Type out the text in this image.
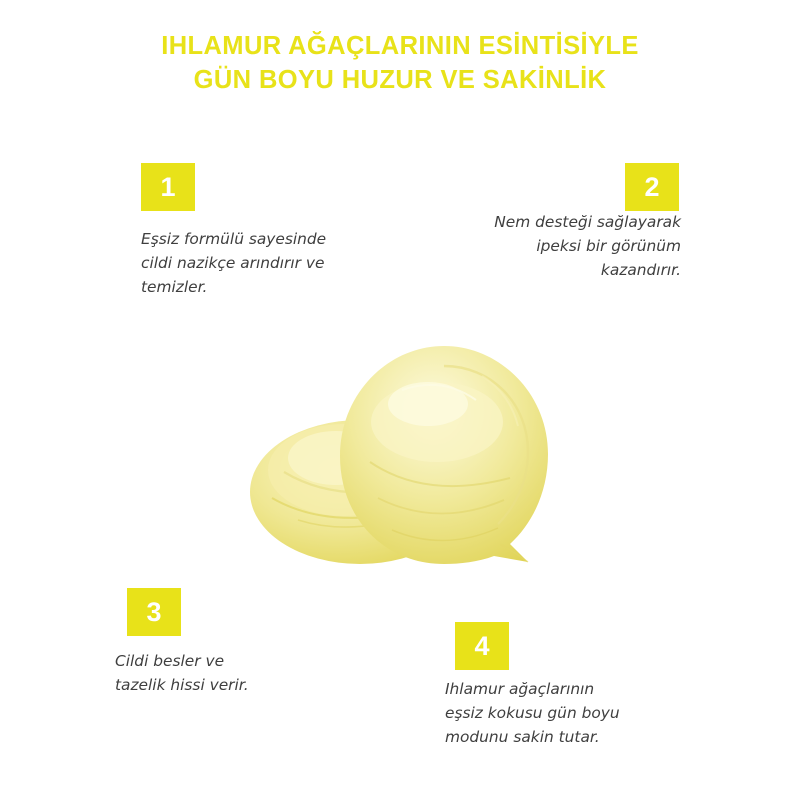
IHLAMUR AĞAÇLARININ ESİNTİSİYLE
GÜN BOYU HUZUR VE SAKİNLİK
1
Eşsiz formülü sayesinde
cildi nazikçe arındırır ve
temizler.
2
Nem desteği sağlayarak
ipeksi bir görünüm
kazandırır.
3
Cildi besler ve
tazelik hissi verir.
4
Ihlamur ağaçlarının
eşsiz kokusu gün boyu
modunu sakin tutar.
